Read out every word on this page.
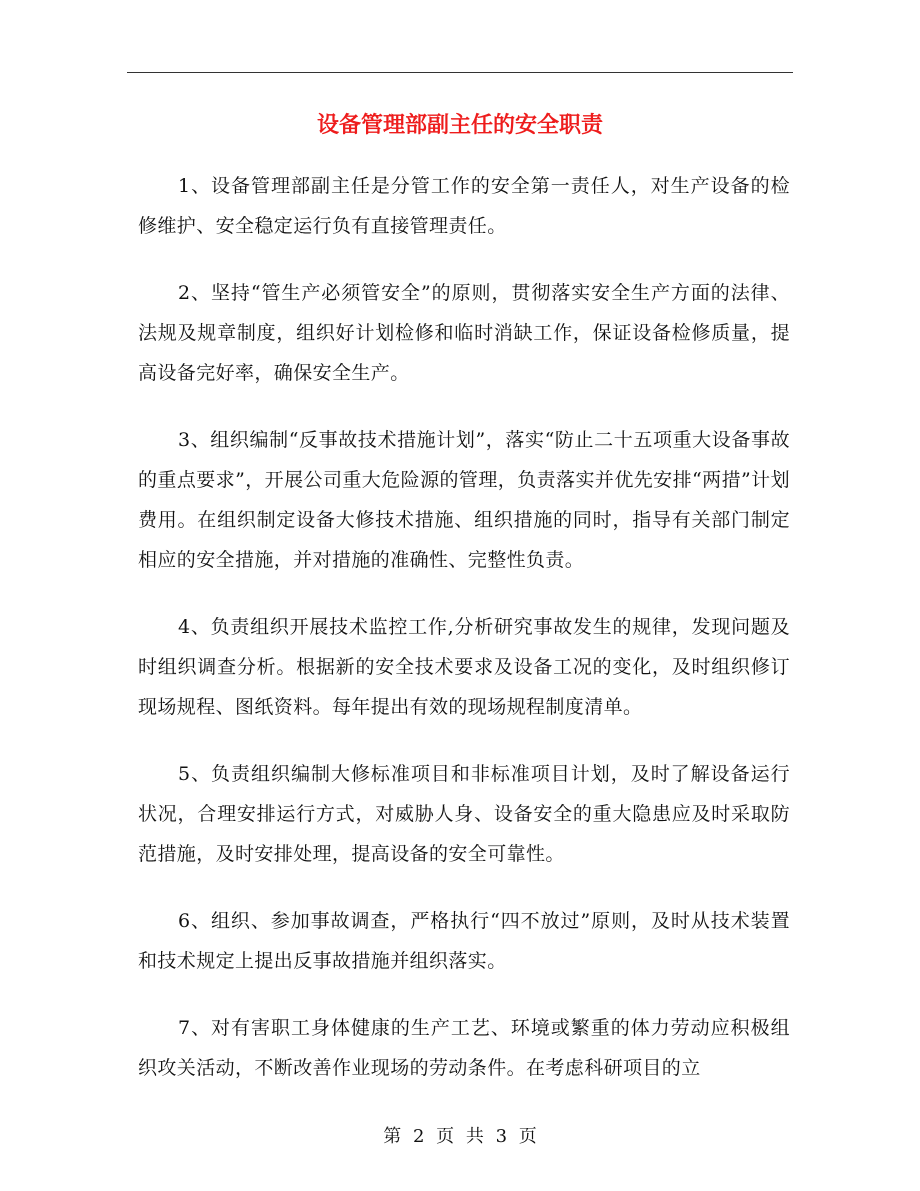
设备管理部副主任的安全职责

1、设备管理部副主任是分管工作的安全第一责任人，对生产设备的检修维护、安全稳定运行负有直接管理责任。

2、坚持“管生产必须管安全”的原则，贯彻落实安全生产方面的法律、法规及规章制度，组织好计划检修和临时消缺工作，保证设备检修质量，提高设备完好率，确保安全生产。

3、组织编制“反事故技术措施计划”，落实“防止二十五项重大设备事故的重点要求”，开展公司重大危险源的管理，负责落实并优先安排“两措”计划费用。在组织制定设备大修技术措施、组织措施的同时，指导有关部门制定相应的安全措施，并对措施的准确性、完整性负责。

4、负责组织开展技术监控工作,分析研究事故发生的规律，发现问题及时组织调查分析。根据新的安全技术要求及设备工况的变化，及时组织修订现场规程、图纸资料。每年提出有效的现场规程制度清单。

5、负责组织编制大修标准项目和非标准项目计划，及时了解设备运行状况，合理安排运行方式，对威胁人身、设备安全的重大隐患应及时采取防范措施，及时安排处理，提高设备的安全可靠性。

6、组织、参加事故调查，严格执行“四不放过”原则，及时从技术装置和技术规定上提出反事故措施并组织落实。

7、对有害职工身体健康的生产工艺、环境或繁重的体力劳动应积极组织攻关活动，不断改善作业现场的劳动条件。在考虑科研项目的立

第 2 页 共 3 页
